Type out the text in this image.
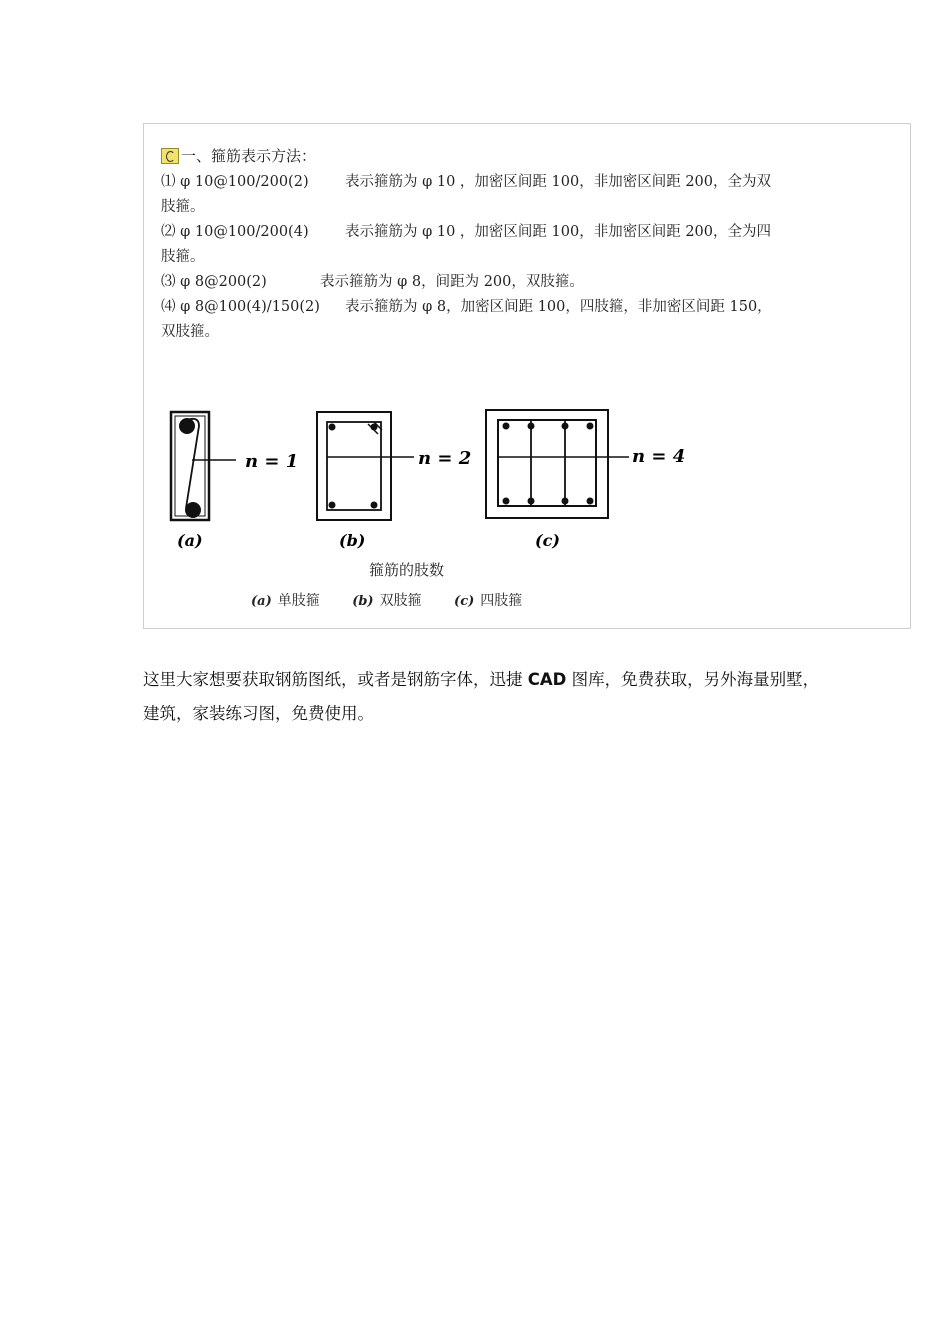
一、箍筋表示方法：
⑴ φ 10@100/200(2)	表示箍筋为 φ 10 ，加密区间距 100，非加密区间距 200，全为双
肢箍。
⑵ φ 10@100/200(4)	表示箍筋为 φ 10 ，加密区间距 100，非加密区间距 200，全为四
肢箍。
⑶ φ 8@200(2)	表示箍筋为 φ 8，间距为 200，双肢箍。
⑷ φ 8@100(4)/150(2) 表示箍筋为 φ 8，加密区间距 100，四肢箍，非加密区间距 150，
双肢箍。
n = 1
(a)
n = 2
(b)
n = 4
(c)
箍筋的肢数
(a) 单肢箍 (b) 双肢箍 (c) 四肢箍
这里大家想要获取钢筋图纸，或者是钢筋字体，迅捷 CAD 图库，免费获取，另外海量别墅，建筑，家装练习图，免费使用。
